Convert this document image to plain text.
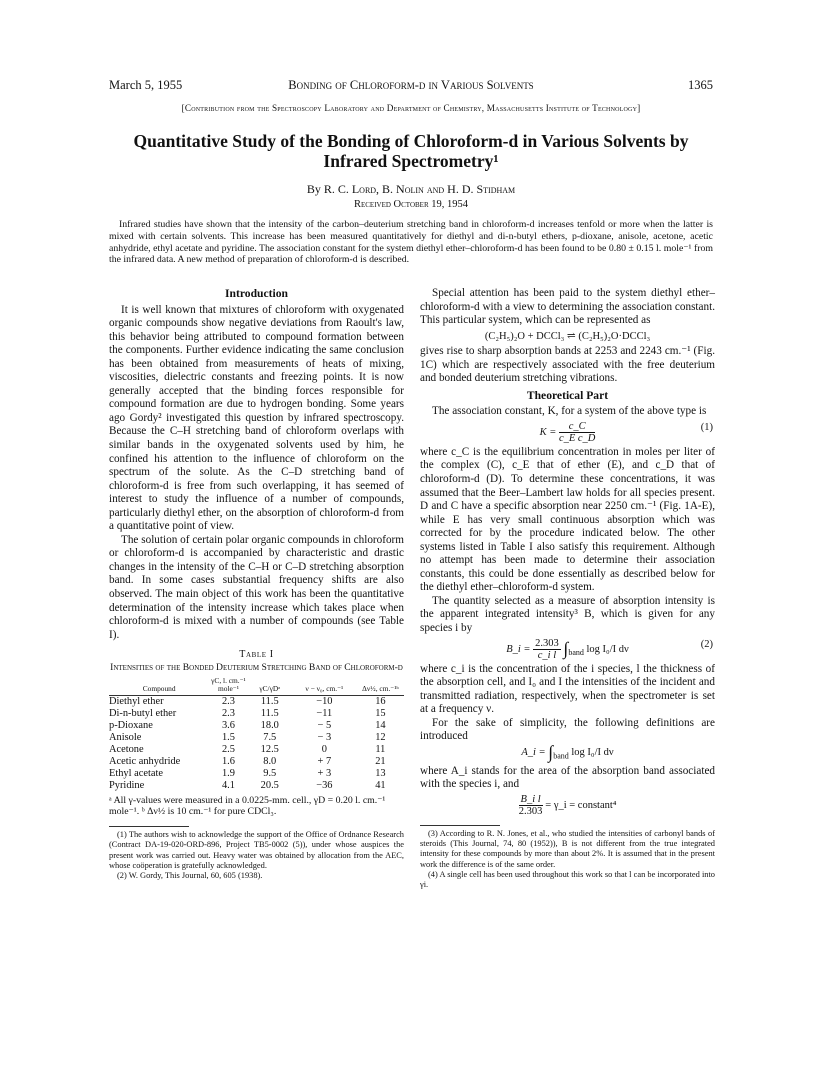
March 5, 1955	Bonding of Chloroform-d in Various Solvents	1365
[Contribution from the Spectroscopy Laboratory and Department of Chemistry, Massachusetts Institute of Technology]
Quantitative Study of the Bonding of Chloroform-d in Various Solvents by Infrared Spectrometry¹
By R. C. Lord, B. Nolin and H. D. Stidham
Received October 19, 1954
Infrared studies have shown that the intensity of the carbon–deuterium stretching band in chloroform-d increases tenfold or more when the latter is mixed with certain solvents. This increase has been measured quantitatively for diethyl and di-n-butyl ethers, p-dioxane, anisole, acetone, acetic anhydride, ethyl acetate and pyridine. The association constant for the system diethyl ether–chloroform-d has been found to be 0.80 ± 0.15 l. mole⁻¹ from the infrared data. A new method of preparation of chloroform-d is described.
Introduction

It is well known that mixtures of chloroform with oxygenated organic compounds show negative deviations from Raoult's law, this behavior being attributed to compound formation between the components. Further evidence indicating the same conclusion has been obtained from measurements of heats of mixing, viscosities, dielectric constants and freezing points. It is now generally accepted that the binding forces responsible for compound formation are due to hydrogen bonding. Some years ago Gordy² investigated this question by infrared spectroscopy. Because the C–H stretching band of chloroform overlaps with similar bands in the oxygenated solvents used by him, he confined his attention to the influence of chloroform on the spectrum of the solute. As the C–D stretching band of chloroform-d is free from such overlapping, it has seemed of interest to study the influence of a number of compounds, particularly diethyl ether, on the absorption of chloroform-d from a quantitative point of view.

The solution of certain polar organic compounds in chloroform or chloroform-d is accompanied by characteristic and drastic changes in the intensity of the C–H or C–D stretching absorption band. In some cases substantial frequency shifts are also observed. The main object of this work has been the quantitative determination of the intensity increase which takes place when chloroform-d is mixed with a number of compounds (see Table I).

Table I
Intensities of the Bonded Deuterium Stretching Band of Chloroform-d
Compound	γC, l. cm.⁻¹ mole⁻¹	γC/γDᵃ	ν − ν₀, cm.⁻¹	Δν½, cm.⁻¹ᵇ
Diethyl ether	2.3	11.5	−10	16
Di-n-butyl ether	2.3	11.5	−11	15
p-Dioxane	3.6	18.0	− 5	14
Anisole	1.5	7.5	− 3	12
Acetone	2.5	12.5	0	11
Acetic anhydride	1.6	8.0	+ 7	21
Ethyl acetate	1.9	9.5	+ 3	13
Pyridine	4.1	20.5	−36	41
ᵃ All γ-values were measured in a 0.0225-mm. cell., γD = 0.20 l. cm.⁻¹ mole⁻¹. ᵇ Δν½ is 10 cm.⁻¹ for pure CDCl₃.

(1) The authors wish to acknowledge the support of the Office of Ordnance Research (Contract DA-19-020-ORD-896, Project TB5-0002 (5)), under whose auspices the present work was carried out. Heavy water was obtained by allocation from the AEC, whose coöperation is gratefully acknowledged.

(2) W. Gordy, This Journal, 60, 605 (1938).

Special attention has been paid to the system diethyl ether–chloroform-d with a view to determining the association constant. This particular system, which can be represented as

(C₂H₅)₂O + DCCl₃ ⇌ (C₂H₅)₂O·DCCl₃

gives rise to sharp absorption bands at 2253 and 2243 cm.⁻¹ (Fig. 1C) which are respectively associated with the free deuterium and bonded deuterium stretching vibrations.

Theoretical Part

The association constant, K, for a system of the above type is

$K = \frac{c\_C}{\text{c\_E c\_D}}$	(1)

where c_C is the equilibrium concentration in moles per liter of the complex (C), c_E that of ether (E), and c_D that of chloroform-d (D). To determine these concentrations, it was assumed that the Beer–Lambert law holds for all species present. D and C have a specific absorption near 2250 cm.⁻¹ (Fig. 1A-E), while E has very small continuous absorption which was corrected for by the procedure indicated below. The other systems listed in Table I also satisfy this requirement. Although no attempt has been made to determine their association constants, this could be done essentially as described below for the diethyl ether–chloroform-d system.

The quantity selected as a measure of absorption intensity is the apparent integrated intensity³ B, which is given for any species i by

B_i = $\frac{2.303}{\text{c\_i l}} \int_{band}$ log I₀/I dν	(2)

where c_i is the concentration of the i species, l the thickness of the absorption cell, and I₀ and I the intensities of the incident and transmitted radiation, respectively, when the spectrometer is set at a frequency ν.

For the sake of simplicity, the following definitions are introduced

A_i = $\int_{band}$ log I₀/I dν

where A_i stands for the area of the absorption band associated with the species i, and

$\frac{\text{B\_i l}}{2.303}$ = γ_i = constant⁴

(3) According to R. N. Jones, et al., who studied the intensities of carbonyl bands of steroids (This Journal, 74, 80 (1952)), B is not different from the true integrated intensity for these compounds by more than about 2%. It is assumed that in the present work the difference is of the same order.

(4) A single cell has been used throughout this work so that l can be incorporated into γi.
